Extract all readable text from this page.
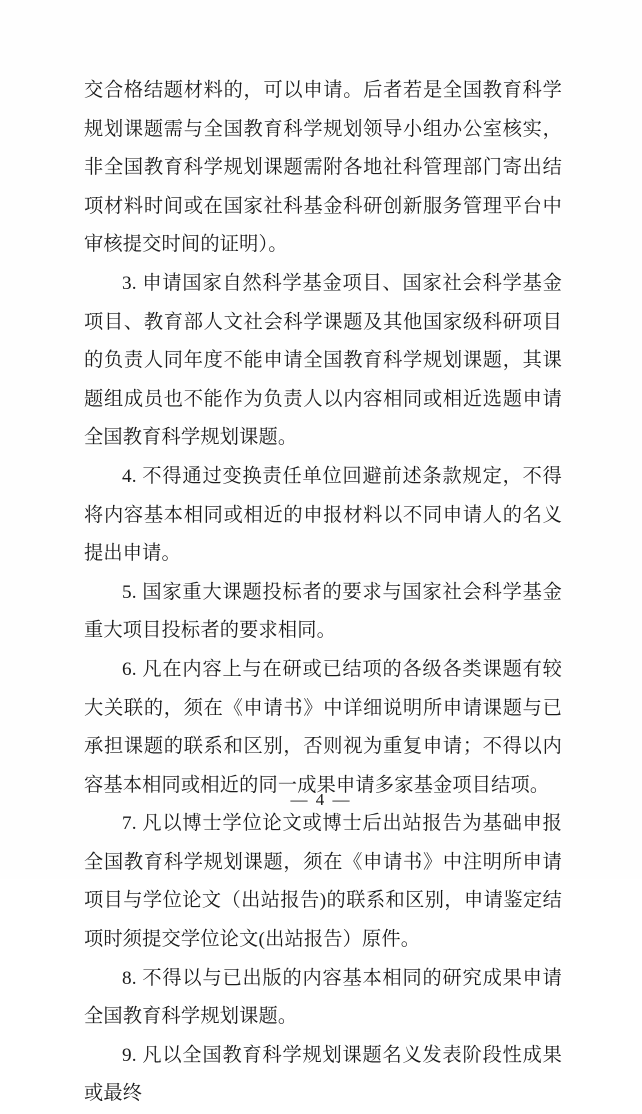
交合格结题材料的，可以申请。后者若是全国教育科学规划课题需与全国教育科学规划领导小组办公室核实，非全国教育科学规划课题需附各地社科管理部门寄出结项材料时间或在国家社科基金科研创新服务管理平台中审核提交时间的证明）。

3. 申请国家自然科学基金项目、国家社会科学基金项目、教育部人文社会科学课题及其他国家级科研项目的负责人同年度不能申请全国教育科学规划课题，其课题组成员也不能作为负责人以内容相同或相近选题申请全国教育科学规划课题。

4. 不得通过变换责任单位回避前述条款规定，不得将内容基本相同或相近的申报材料以不同申请人的名义提出申请。

5. 国家重大课题投标者的要求与国家社会科学基金重大项目投标者的要求相同。

6. 凡在内容上与在研或已结项的各级各类课题有较大关联的，须在《申请书》中详细说明所申请课题与已承担课题的联系和区别，否则视为重复申请；不得以内容基本相同或相近的同一成果申请多家基金项目结项。

7. 凡以博士学位论文或博士后出站报告为基础申报全国教育科学规划课题，须在《申请书》中注明所申请项目与学位论文（出站报告)的联系和区别，申请鉴定结项时须提交学位论文(出站报告）原件。

8. 不得以与已出版的内容基本相同的研究成果申请全国教育科学规划课题。

9. 凡以全国教育科学规划课题名义发表阶段性成果或最终

— 4 —
